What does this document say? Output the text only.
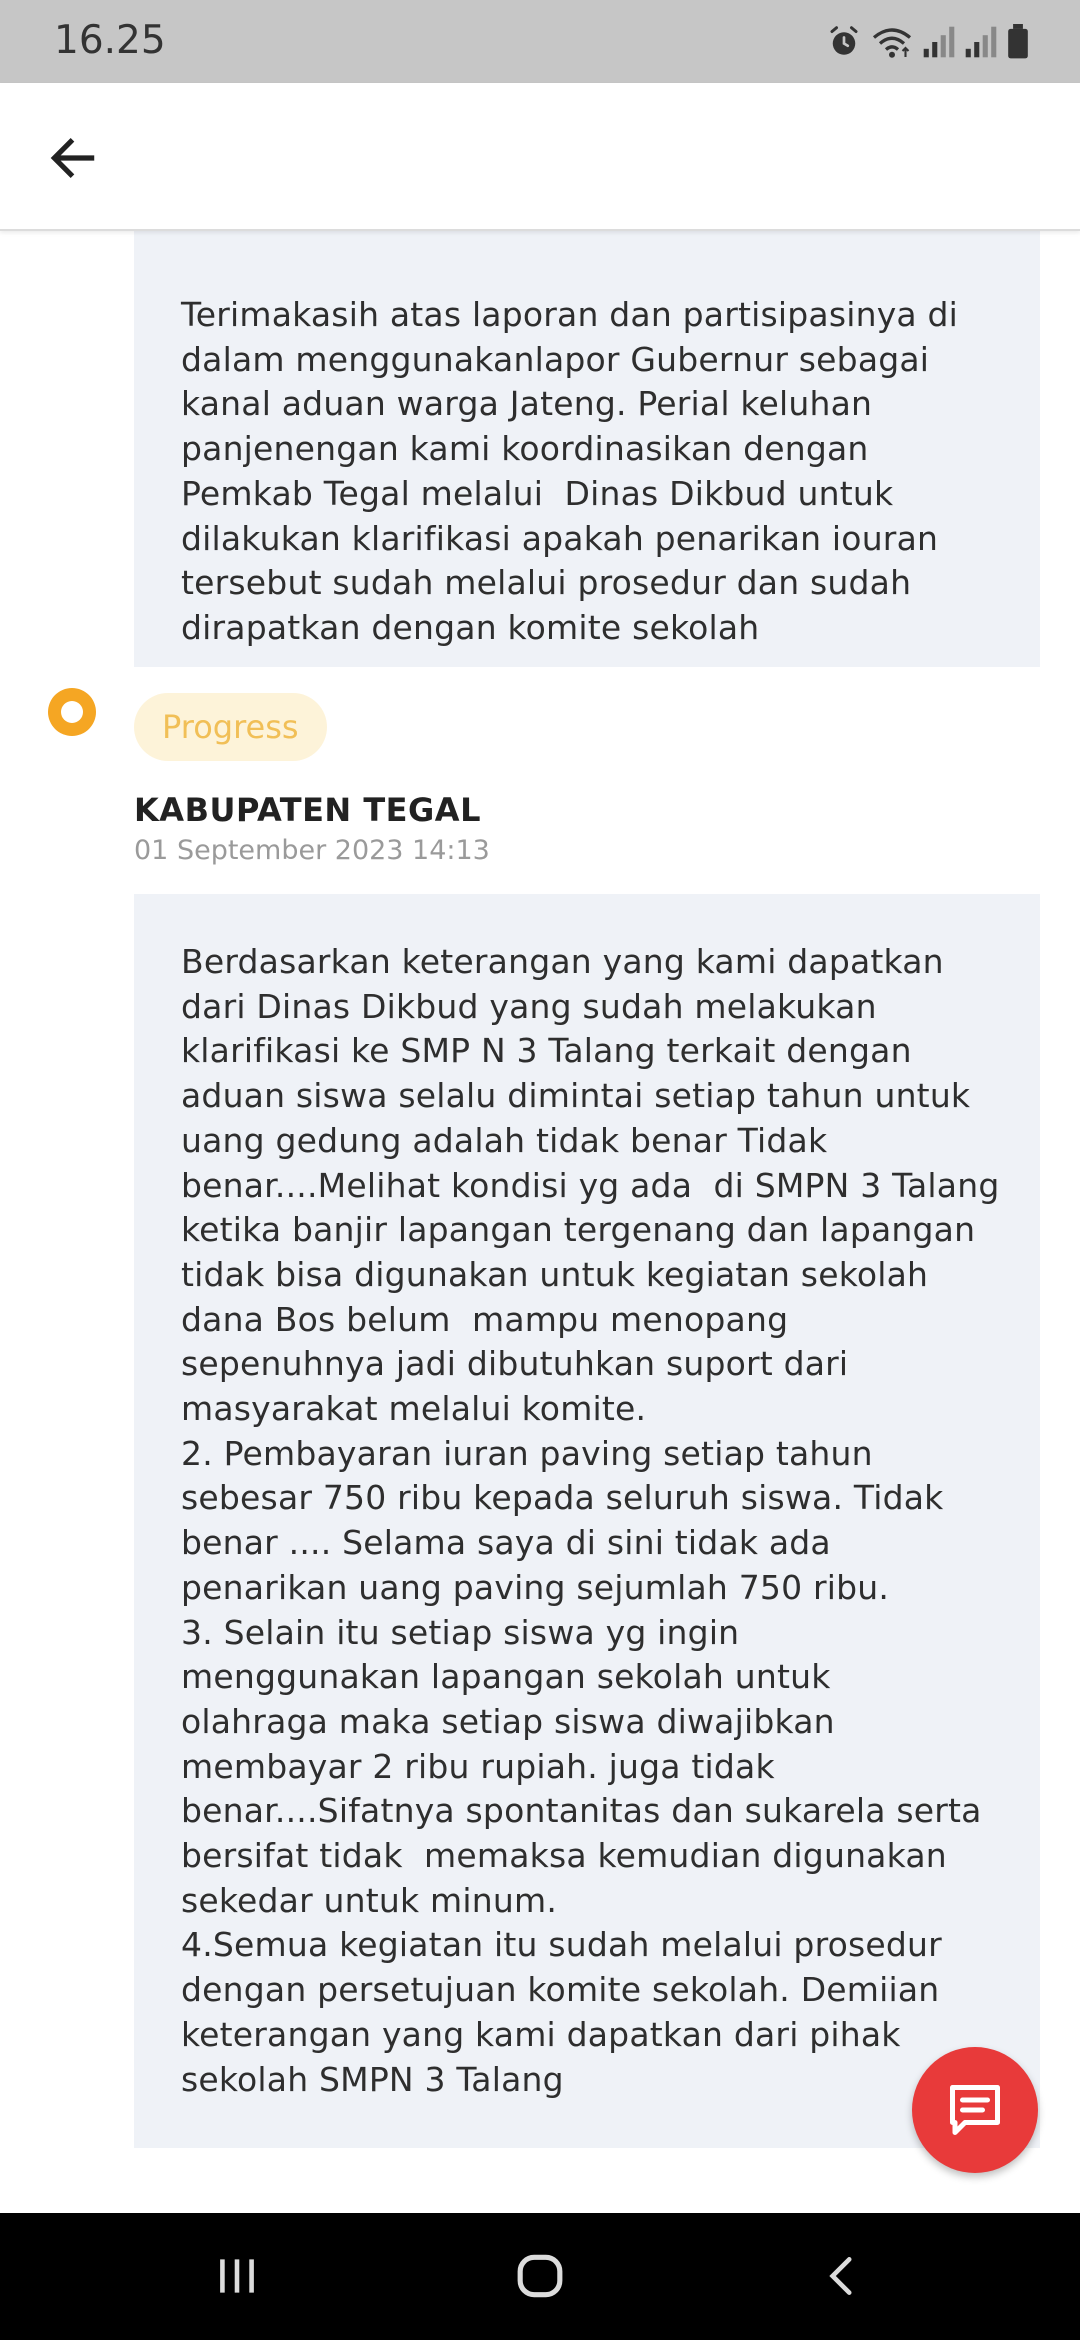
16.25
Terimakasih atas laporan dan partisipasinya di
dalam menggunakanlapor Gubernur sebagai
kanal aduan warga Jateng. Perial keluhan
panjenengan kami koordinasikan dengan
Pemkab Tegal melalui  Dinas Dikbud untuk
dilakukan klarifikasi apakah penarikan iouran
tersebut sudah melalui prosedur dan sudah
dirapatkan dengan komite sekolah
Progress
KABUPATEN TEGAL
01 September 2023 14:13
Berdasarkan keterangan yang kami dapatkan
dari Dinas Dikbud yang sudah melakukan
klarifikasi ke SMP N 3 Talang terkait dengan
aduan siswa selalu dimintai setiap tahun untuk
uang gedung adalah tidak benar Tidak
benar....Melihat kondisi yg ada  di SMPN 3 Talang
ketika banjir lapangan tergenang dan lapangan
tidak bisa digunakan untuk kegiatan sekolah
dana Bos belum  mampu menopang
sepenuhnya jadi dibutuhkan suport dari
masyarakat melalui komite.
2. Pembayaran iuran paving setiap tahun
sebesar 750 ribu kepada seluruh siswa. Tidak
benar .... Selama saya di sini tidak ada
penarikan uang paving sejumlah 750 ribu.
3. Selain itu setiap siswa yg ingin
menggunakan lapangan sekolah untuk
olahraga maka setiap siswa diwajibkan
membayar 2 ribu rupiah. juga tidak
benar....Sifatnya spontanitas dan sukarela serta
bersifat tidak  memaksa kemudian digunakan
sekedar untuk minum.
4.Semua kegiatan itu sudah melalui prosedur
dengan persetujuan komite sekolah. Demiian
keterangan yang kami dapatkan dari pihak
sekolah SMPN 3 Talang
